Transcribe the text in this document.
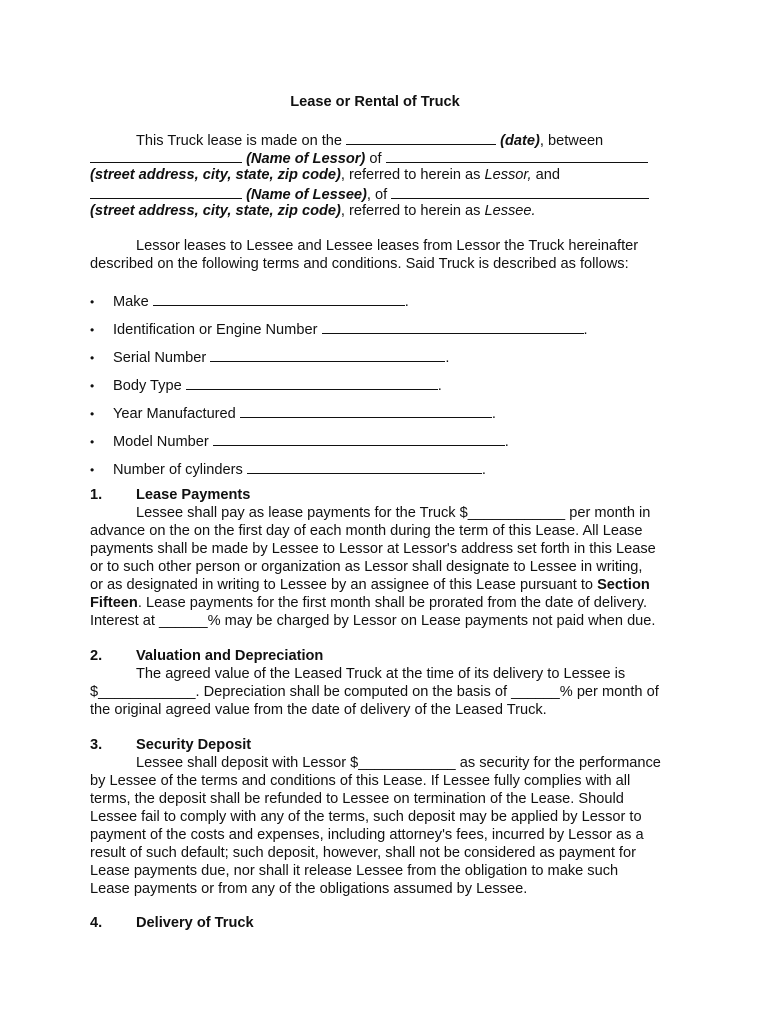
Lease or Rental of Truck
This Truck lease is made on the	(date), between
(Name of Lessor) of
(street address, city, state, zip code), referred to herein as Lessor, and
(Name of Lessee), of
(street address, city, state, zip code), referred to herein as Lessee.
Lessor leases to Lessee and Lessee leases from Lessor the Truck hereinafter
described on the following terms and conditions. Said Truck is described as follows:
• Make	.
• Identification or Engine Number	.
• Serial Number	.
• Body Type	.
• Year Manufactured	.
• Model Number	.
• Number of cylinders	.
1. Lease Payments
Lessee shall pay as lease payments for the Truck $____________ per month in
advance on the on the first day of each month during the term of this Lease. All Lease
payments shall be made by Lessee to Lessor at Lessor's address set forth in this Lease
or to such other person or organization as Lessor shall designate to Lessee in writing,
or as designated in writing to Lessee by an assignee of this Lease pursuant to Section
Fifteen. Lease payments for the first month shall be prorated from the date of delivery.
Interest at ______% may be charged by Lessor on Lease payments not paid when due.
2. Valuation and Depreciation
The agreed value of the Leased Truck at the time of its delivery to Lessee is
$____________. Depreciation shall be computed on the basis of ______% per month of
the original agreed value from the date of delivery of the Leased Truck.
3. Security Deposit
Lessee shall deposit with Lessor $____________ as security for the performance
by Lessee of the terms and conditions of this Lease. If Lessee fully complies with all
terms, the deposit shall be refunded to Lessee on termination of the Lease. Should
Lessee fail to comply with any of the terms, such deposit may be applied by Lessor to
payment of the costs and expenses, including attorney's fees, incurred by Lessor as a
result of such default; such deposit, however, shall not be considered as payment for
Lease payments due, nor shall it release Lessee from the obligation to make such
Lease payments or from any of the obligations assumed by Lessee.
4. Delivery of Truck
